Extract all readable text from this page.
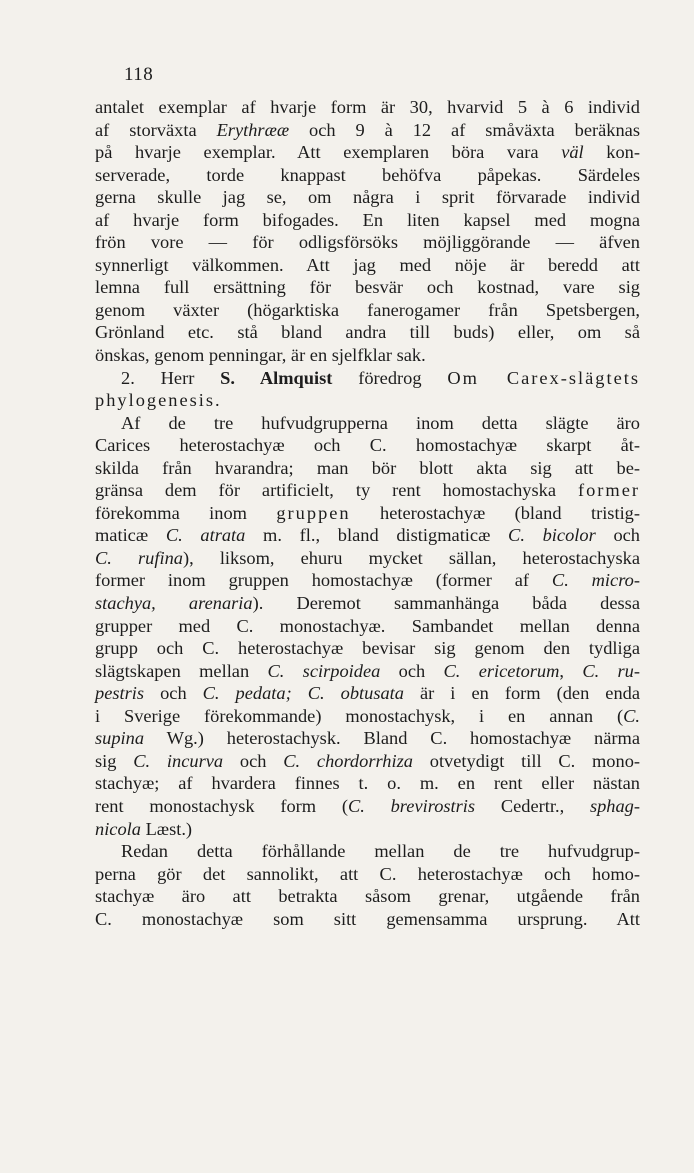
118
antalet exemplar af hvarje form är 30, hvarvid 5 à 6 individ
af storväxta Erythrææ och 9 à 12 af småväxta beräknas
på hvarje exemplar. Att exemplaren böra vara väl kon-
serverade, torde knappast behöfva påpekas. Särdeles
gerna skulle jag se, om några i sprit förvarade individ
af hvarje form bifogades. En liten kapsel med mogna
frön vore — för odligsförsöks möjliggörande — äfven
synnerligt välkommen. Att jag med nöje är beredd att
lemna full ersättning för besvär och kostnad, vare sig
genom växter (högarktiska fanerogamer från Spetsbergen,
Grönland etc. stå bland andra till buds) eller, om så
önskas, genom penningar, är en sjelfklar sak.
2. Herr S. Almquist föredrog Om Carex-slägtets
phylogenesis.
Af de tre hufvudgrupperna inom detta slägte äro
Carices heterostachyæ och C. homostachyæ skarpt åt-
skilda från hvarandra; man bör blott akta sig att be-
gränsa dem för artificielt, ty rent homostachyska former
förekomma inom gruppen heterostachyæ (bland tristig-
maticæ C. atrata m. fl., bland distigmaticæ C. bicolor och
C. rufina), liksom, ehuru mycket sällan, heterostachyska
former inom gruppen homostachyæ (former af C. micro-
stachya, arenaria). Deremot sammanhänga båda dessa
grupper med C. monostachyæ. Sambandet mellan denna
grupp och C. heterostachyæ bevisar sig genom den tydliga
slägtskapen mellan C. scirpoidea och C. ericetorum, C. ru-
pestris och C. pedata; C. obtusata är i en form (den enda
i Sverige förekommande) monostachysk, i en annan (C.
supina Wg.) heterostachysk. Bland C. homostachyæ närma
sig C. incurva och C. chordorrhiza otvetydigt till C. mono-
stachyæ; af hvardera finnes t. o. m. en rent eller nästan
rent monostachysk form (C. brevirostris Cedertr., sphag-
nicola Læst.)
Redan detta förhållande mellan de tre hufvudgrup-
perna gör det sannolikt, att C. heterostachyæ och homo-
stachyæ äro att betrakta såsom grenar, utgående från
C. monostachyæ som sitt gemensamma ursprung. Att
